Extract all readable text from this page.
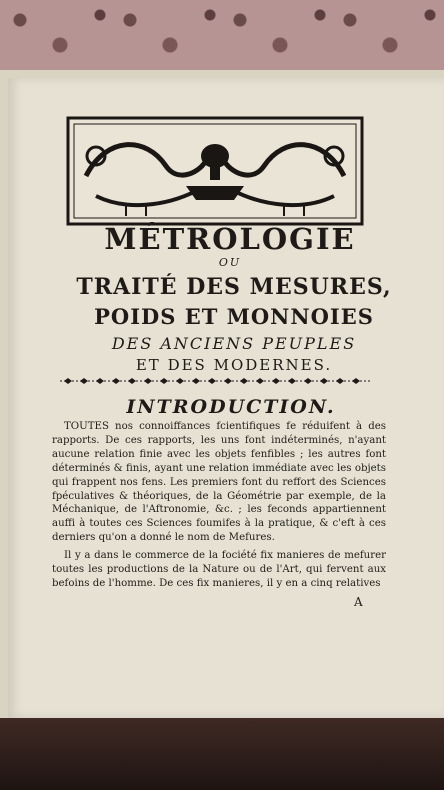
MÉTROLOGIE
OU
TRAITÉ DES MESURES,
POIDS ET MONNOIES
DES ANCIENS PEUPLES
ET DES MODERNES.
INTRODUCTION.

TOUTES nos connoiffances fcientifiques fe réduifent à des rapports. De ces rapports, les uns font indéterminés, n'ayant aucune relation finie avec les objets fenfibles ; les autres font déterminés & finis, ayant une relation immédiate avec les objets qui frappent nos fens. Les premiers font du reffort des Sciences fpéculatives & théoriques, de la Géométrie par exemple, de la Méchanique, de l'Aftronomie, &c. ; les feconds appartiennent auffi à toutes ces Sciences foumifes à la pratique, & c'eft à ces derniers qu'on a donné le nom de Mefures.

Il y a dans le commerce de la fociété fix manieres de mefurer toutes les productions de la Nature ou de l'Art, qui fervent aux befoins de l'homme. De ces fix manieres, il y en a cinq relatives

A
